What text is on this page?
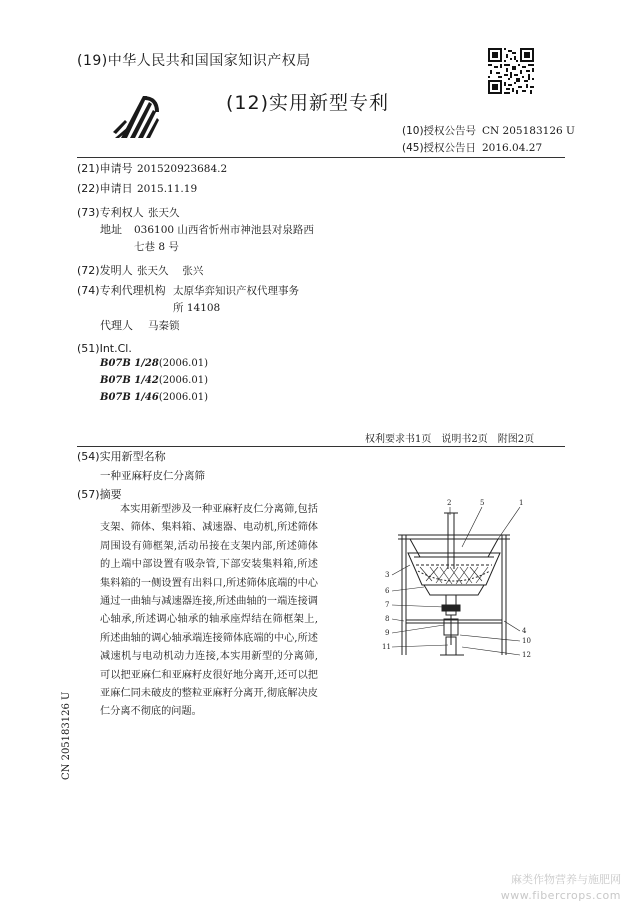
(19)中华人民共和国国家知识产权局
(12)实用新型专利
(10)授权公告号 CN 205183126 U
(45)授权公告日 2016.04.27
(21)申请号 201520923684.2
(22)申请日 2015.11.19
(73)专利权人 张天久
地址 036100 山西省忻州市神池县对泉路西
七巷 8 号
(72)发明人 张天久　 张兴
(74)专利代理机构 太原华弈知识产权代理事务
所 14108
代理人 马秦锁
(51)Int.Cl.
B07B 1/28(2006.01)
B07B 1/42(2006.01)
B07B 1/46(2006.01)
权利要求书1页　说明书2页　附图2页
(54)实用新型名称
一种亚麻籽皮仁分离筛
(57)摘要
本实用新型涉及一种亚麻籽皮仁分离筛,包括支架、筛体、集料箱、减速器、电动机,所述筛体周围设有筛框架,活动吊接在支架内部,所述筛体的上端中部设置有吸杂管,下部安装集料箱,所述集料箱的一侧设置有出料口,所述筛体底端的中心通过一曲轴与减速器连接,所述曲轴的一端连接调心轴承,所述调心轴承的轴承座焊结在筛框架上,所述曲轴的调心轴承端连接筛体底端的中心,所述减速机与电动机动力连接,本实用新型的分离筛,可以把亚麻仁和亚麻籽皮很好地分离开,还可以把亚麻仁同未破皮的整粒亚麻籽分离开,彻底解决皮仁分离不彻底的问题。
2	5	1
3
6
7
8
9
11
4
10
12
CN 205183126 U
麻类作物营养与施肥网
www.fibercrops.com
